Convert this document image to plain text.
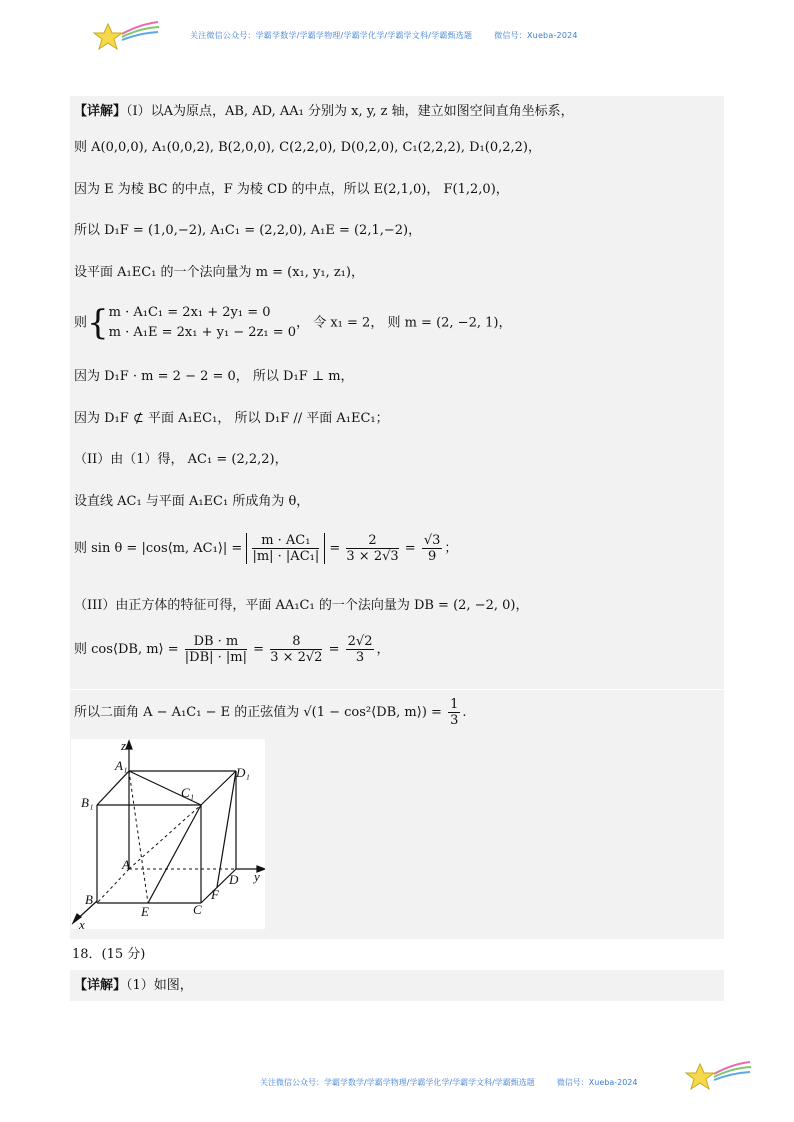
关注微信公众号：学霸学数学/学霸学物理/学霸学化学/学霸学文科/学霸甄选题	微信号：Xueba-2024
【详解】（I）以A为原点，AB, AD, AA₁ 分别为 x, y, z 轴，建立如图空间直角坐标系，
则 A(0,0,0), A₁(0,0,2), B(2,0,0), C(2,2,0), D(0,2,0), C₁(2,2,2), D₁(0,2,2)，
因为 E 为棱 BC 的中点，F 为棱 CD 的中点，所以 E(2,1,0)， F(1,2,0)，
所以 D₁F = (1,0,−2), A₁C₁ = (2,2,0), A₁E = (2,1,−2)，
设平面 A₁EC₁ 的一个法向量为 m = (x₁, y₁, z₁)，
则{ m · A₁C₁ = 2x₁ + 2y₁ = 0
m · A₁E = 2x₁ + y₁ − 2z₁ = 0
， 令 x₁ = 2， 则 m = (2, −2, 1)，
因为 D₁F · m = 2 − 2 = 0， 所以 D₁F ⊥ m，
因为 D₁F ⊄ 平面 A₁EC₁， 所以 D₁F // 平面 A₁EC₁；
（II）由（1）得， AC₁ = (2,2,2)，
设直线 AC₁ 与平面 A₁EC₁ 所成角为 θ，
则 sin θ = |cos⟨m, AC₁⟩| = $\frac{\text{m · AC₁}}{\text{|m| · |AC₁|}} = \frac{2}{3 \times 2√3} = \frac{√3}{9}$ ；
（III）由正方体的特征可得，平面 AA₁C₁ 的一个法向量为 DB = (2, −2, 0)，
则 cos⟨DB, m⟩ = $\frac{DB \cdot m}{|DB| \cdot |m|} = \frac{8}{3 \times 2√2} = \frac{2√2}{3}$ ，
所以二面角 A − A₁C₁ − E 的正弦值为 √(1 − cos²⟨DB, m⟩) = $\frac{1}{3}$ .
z
A₁	D₁
B₁
C₁
A
D y
B
E	C
F
x
18．(15 分)
【详解】（1）如图，
关注微信公众号：学霸学数学/学霸学物理/学霸学化学/学霸学文科/学霸甄选题	微信号：Xueba-2024
